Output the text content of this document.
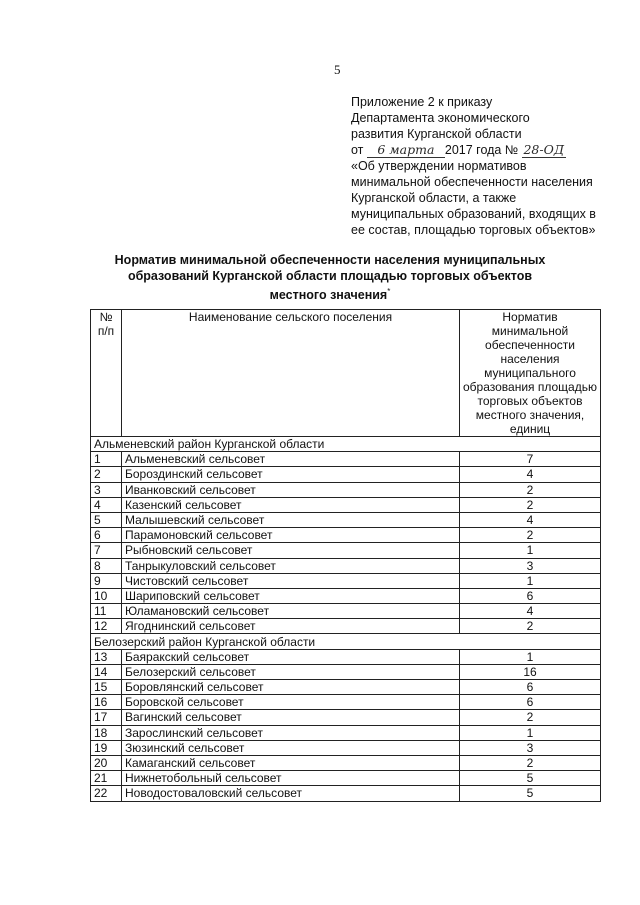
5
Приложение 2 к приказу
Департамента экономического
развития Курганской области
от 6 марта 2017 года № 28-ОД
«Об утверждении нормативов
минимальной обеспеченности населения
Курганской области, а также
муниципальных образований, входящих в
ее состав, площадью торговых объектов»
Норматив минимальной обеспеченности населения муниципальных
образований Курганской области площадью торговых объектов
местного значения*
№ п/п	Наименование сельского поселения	Норматив минимальной обеспеченности населения муниципального образования площадью торговых объектов местного значения, единиц
Альменевский район Курганской области		
1	Альменевский сельсовет	7
2	Бороздинский сельсовет	4
3	Иванковский сельсовет	2
4	Казенский сельсовет	2
5	Малышевский сельсовет	4
6	Парамоновский сельсовет	2
7	Рыбновский сельсовет	1
8	Танрыкуловский сельсовет	3
9	Чистовский сельсовет	1
10	Шариповский сельсовет	6
11	Юламановский сельсовет	4
12	Ягоднинский сельсовет	2
Белозерский район Курганской области		
13	Баяракский сельсовет	1
14	Белозерский сельсовет	16
15	Боровлянский сельсовет	6
16	Боровской сельсовет	6
17	Вагинский сельсовет	2
18	Зарослинский сельсовет	1
19	Зюзинский сельсовет	3
20	Камаганский сельсовет	2
21	Нижнетобольный сельсовет	5
22	Новодостоваловский сельсовет	5
